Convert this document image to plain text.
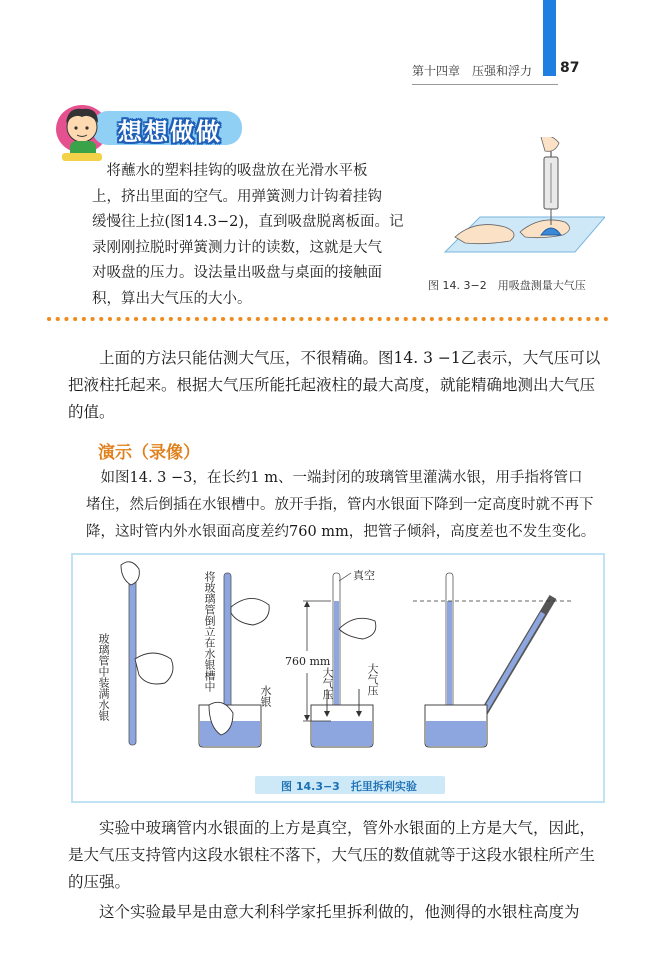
第十四章　压强和浮力 87
想想做做
　将蘸水的塑料挂钩的吸盘放在光滑水平板
上，挤出里面的空气。用弹簧测力计钩着挂钩
缓慢往上拉(图14.3−2)，直到吸盘脱离板面。记
录刚刚拉脱时弹簧测力计的读数，这就是大气
对吸盘的压力。设法量出吸盘与桌面的接触面
积，算出大气压的大小。
图 14. 3−2　用吸盘测量大气压
　　上面的方法只能估测大气压，不很精确。图14. 3 −1乙表示，大气压可以
把液柱托起来。根据大气压所能托起液柱的最大高度，就能精确地测出大气压
的值。
演示（录像）
　如图14. 3 −3，在长约1 m、一端封闭的玻璃管里灌满水银，用手指将管口
堵住，然后倒插在水银槽中。放开手指，管内水银面下降到一定高度时就不再下
降，这时管内外水银面高度差约760 mm，把管子倾斜，高度差也不发生变化。
玻璃管中装满水银	将玻璃管倒立在水银槽中
水银
真空
760 mm
大气压	大气压
图 14.3−3　托里拆利实验
　　实验中玻璃管内水银面的上方是真空，管外水银面的上方是大气，因此，
是大气压支持管内这段水银柱不落下，大气压的数值就等于这段水银柱所产生
的压强。
　　这个实验最早是由意大利科学家托里拆利做的，他测得的水银柱高度为
